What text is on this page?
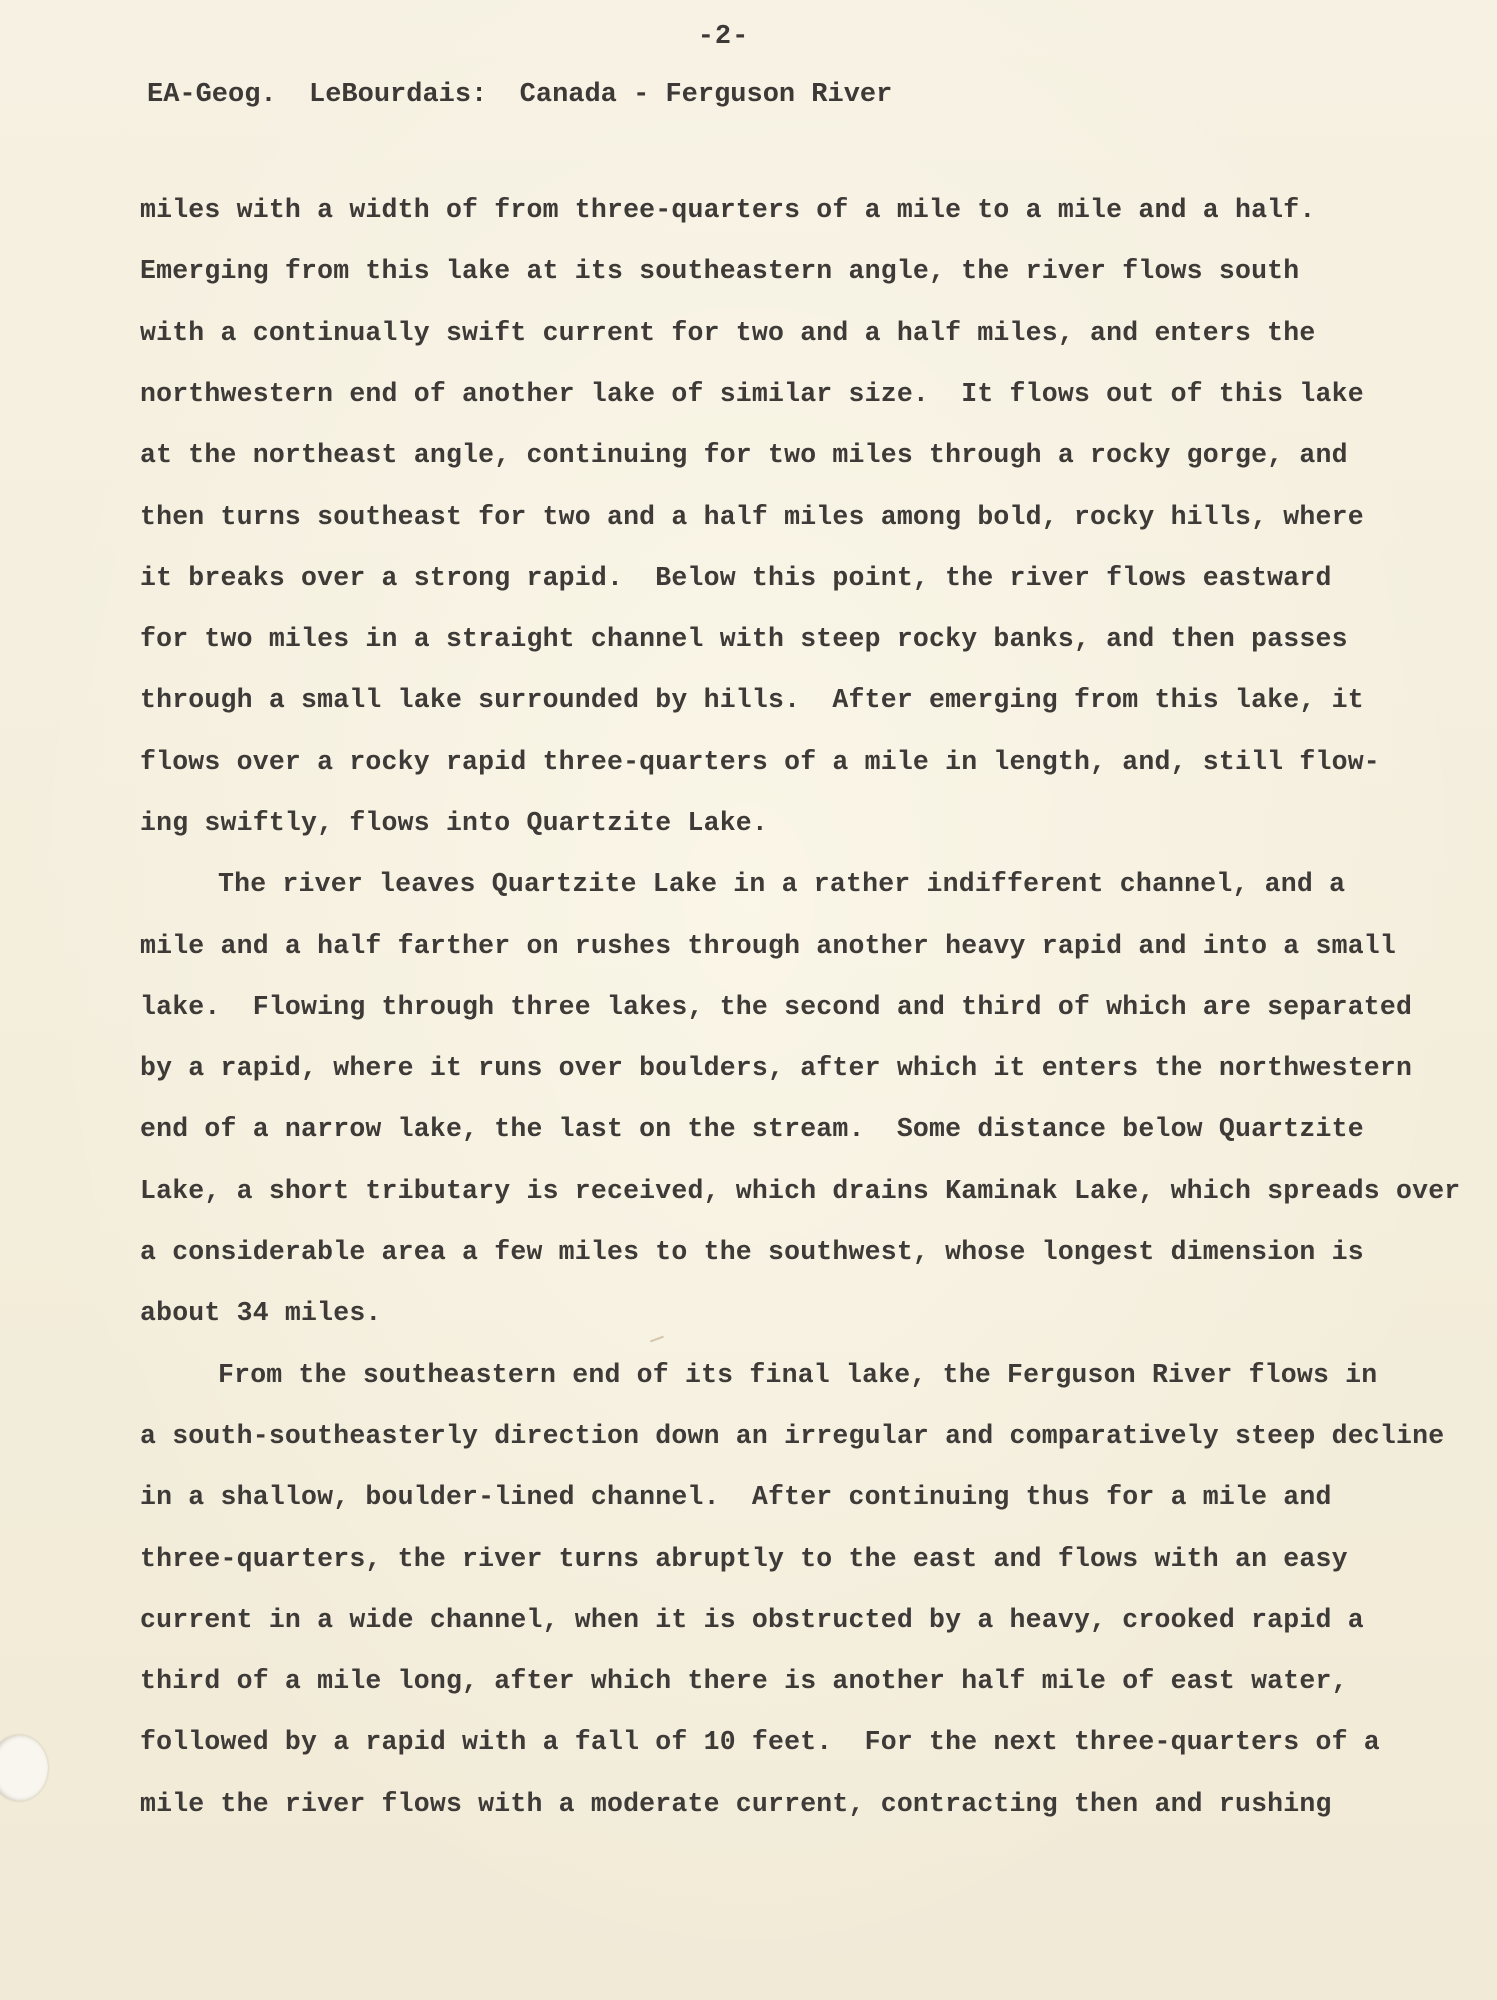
-2-
EA-Geog.  LeBourdais:  Canada - Ferguson River
miles with a width of from three-quarters of a mile to a mile and a half.
Emerging from this lake at its southeastern angle, the river flows south
with a continually swift current for two and a half miles, and enters the
northwestern end of another lake of similar size.  It flows out of this lake
at the northeast angle, continuing for two miles through a rocky gorge, and
then turns southeast for two and a half miles among bold, rocky hills, where
it breaks over a strong rapid.  Below this point, the river flows eastward
for two miles in a straight channel with steep rocky banks, and then passes
through a small lake surrounded by hills.  After emerging from this lake, it
flows over a rocky rapid three-quarters of a mile in length, and, still flow-
ing swiftly, flows into Quartzite Lake.
The river leaves Quartzite Lake in a rather indifferent channel, and a
mile and a half farther on rushes through another heavy rapid and into a small
lake.  Flowing through three lakes, the second and third of which are separated
by a rapid, where it runs over boulders, after which it enters the northwestern
end of a narrow lake, the last on the stream.  Some distance below Quartzite
Lake, a short tributary is received, which drains Kaminak Lake, which spreads over
a considerable area a few miles to the southwest, whose longest dimension is
about 34 miles.
From the southeastern end of its final lake, the Ferguson River flows in
a south-southeasterly direction down an irregular and comparatively steep decline
in a shallow, boulder-lined channel.  After continuing thus for a mile and
three-quarters, the river turns abruptly to the east and flows with an easy
current in a wide channel, when it is obstructed by a heavy, crooked rapid a
third of a mile long, after which there is another half mile of east water,
followed by a rapid with a fall of 10 feet.  For the next three-quarters of a
mile the river flows with a moderate current, contracting then and rushing
